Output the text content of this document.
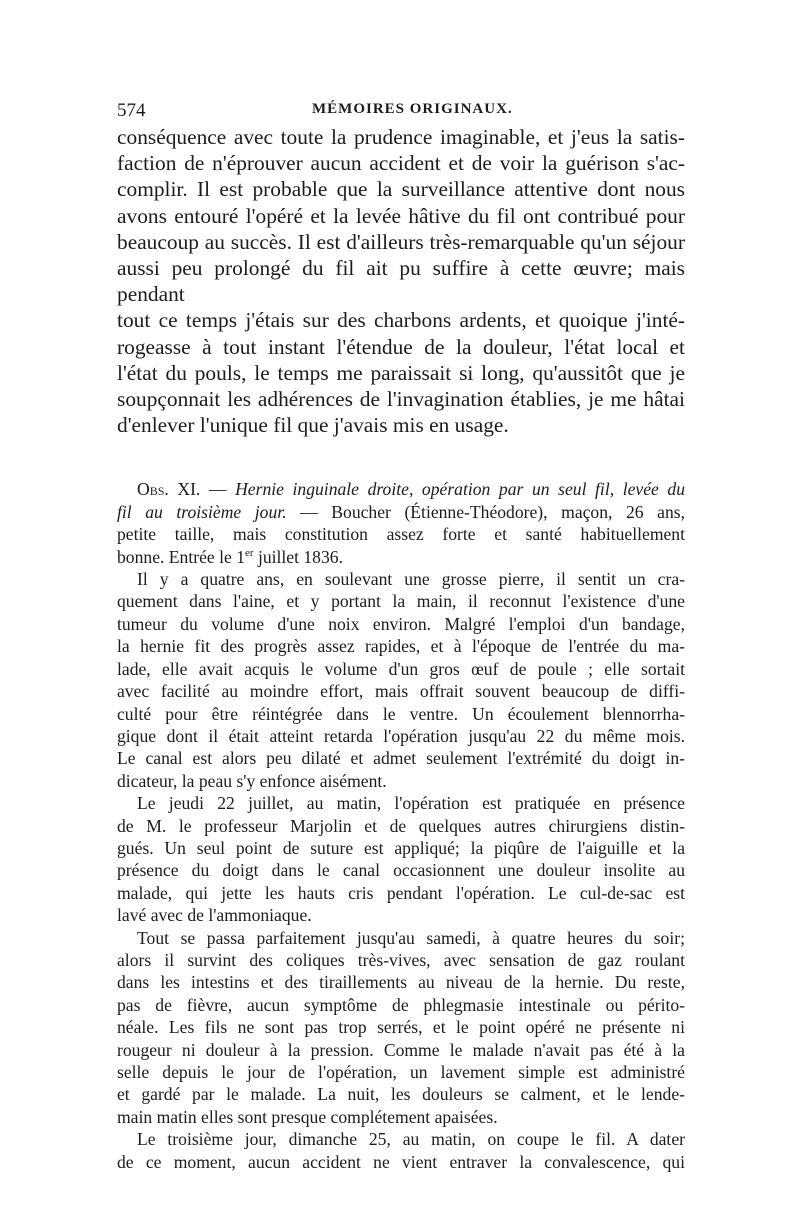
574	MÉMOIRES ORIGINAUX.

conséquence avec toute la prudence imaginable, et j'eus la satis-

faction de n'éprouver aucun accident et de voir la guérison s'ac-

complir. Il est probable que la surveillance attentive dont nous

avons entouré l'opéré et la levée hâtive du fil ont contribué pour

beaucoup au succès. Il est d'ailleurs très-remarquable qu'un séjour

aussi peu prolongé du fil ait pu suffire à cette œuvre; mais pendant

tout ce temps j'étais sur des charbons ardents, et quoique j'inté-

rogeasse à tout instant l'étendue de la douleur, l'état local et

l'état du pouls, le temps me paraissait si long, qu'aussitôt que je

soupçonnait les adhérences de l'invagination établies, je me hâtai

d'enlever l'unique fil que j'avais mis en usage.

Obs. XI. — Hernie inguinale droite, opération par un seul fil, levée du

fil au troisième jour. — Boucher (Étienne-Théodore), maçon, 26 ans,

petite taille, mais constitution assez forte et santé habituellement

bonne. Entrée le 1er juillet 1836.

Il y a quatre ans, en soulevant une grosse pierre, il sentit un cra-

quement dans l'aine, et y portant la main, il reconnut l'existence d'une

tumeur du volume d'une noix environ. Malgré l'emploi d'un bandage,

la hernie fit des progrès assez rapides, et à l'époque de l'entrée du ma-

lade, elle avait acquis le volume d'un gros œuf de poule ; elle sortait

avec facilité au moindre effort, mais offrait souvent beaucoup de diffi-

culté pour être réintégrée dans le ventre. Un écoulement blennorrha-

gique dont il était atteint retarda l'opération jusqu'au 22 du même mois.

Le canal est alors peu dilaté et admet seulement l'extrémité du doigt in-

dicateur, la peau s'y enfonce aisément.

Le jeudi 22 juillet, au matin, l'opération est pratiquée en présence

de M. le professeur Marjolin et de quelques autres chirurgiens distin-

gués. Un seul point de suture est appliqué; la piqûre de l'aiguille et la

présence du doigt dans le canal occasionnent une douleur insolite au

malade, qui jette les hauts cris pendant l'opération. Le cul-de-sac est

lavé avec de l'ammoniaque.

Tout se passa parfaitement jusqu'au samedi, à quatre heures du soir;

alors il survint des coliques très-vives, avec sensation de gaz roulant

dans les intestins et des tiraillements au niveau de la hernie. Du reste,

pas de fièvre, aucun symptôme de phlegmasie intestinale ou périto-

néale. Les fils ne sont pas trop serrés, et le point opéré ne présente ni

rougeur ni douleur à la pression. Comme le malade n'avait pas été à la

selle depuis le jour de l'opération, un lavement simple est administré

et gardé par le malade. La nuit, les douleurs se calment, et le lende-

main matin elles sont presque complétement apaisées.

Le troisième jour, dimanche 25, au matin, on coupe le fil. A dater

de ce moment, aucun accident ne vient entraver la convalescence, qui
